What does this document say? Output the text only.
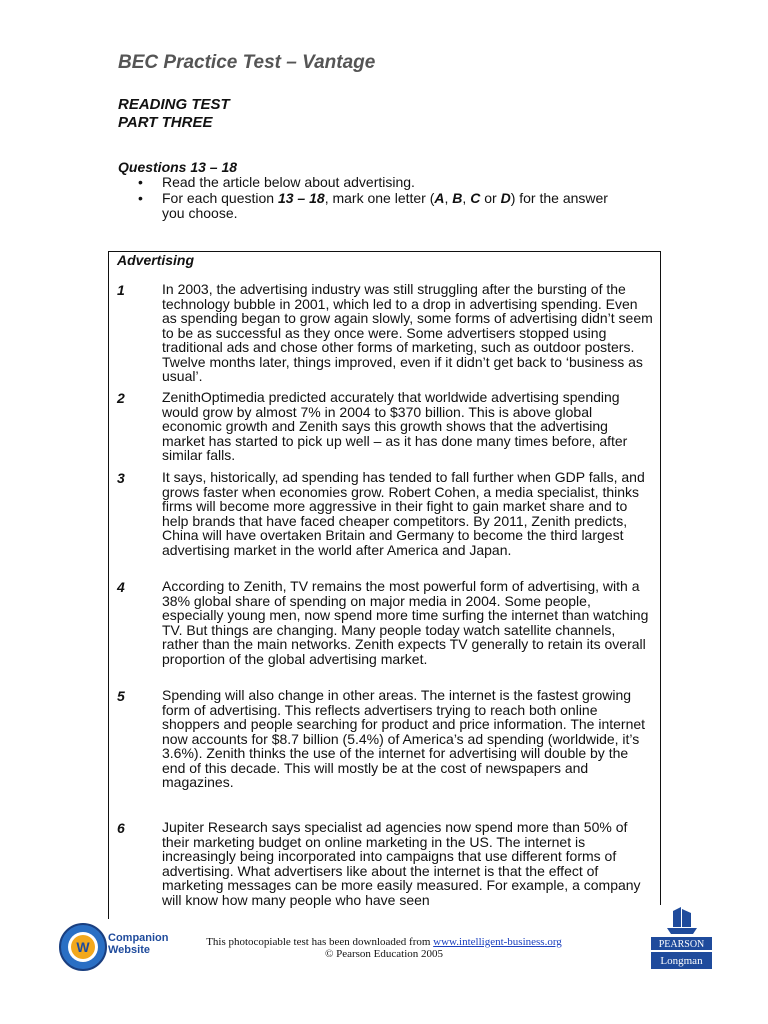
BEC Practice Test – Vantage
READING TEST
PART THREE
Questions 13 – 18
• Read the article below about advertising.
• For each question 13 – 18, mark one letter (A, B, C or D) for the answer you choose.
Advertising
1	In 2003, the advertising industry was still struggling after the bursting of the technology bubble in 2001, which led to a drop in advertising spending. Even as spending began to grow again slowly, some forms of advertising didn’t seem to be as successful as they once were. Some advertisers stopped using traditional ads and chose other forms of marketing, such as outdoor posters. Twelve months later, things improved, even if it didn’t get back to ‘business as usual’.

2	ZenithOptimedia predicted accurately that worldwide advertising spending would grow by almost 7% in 2004 to $370 billion. This is above global economic growth and Zenith says this growth shows that the advertising market has started to pick up well – as it has done many times before, after similar falls.

3	It says, historically, ad spending has tended to fall further when GDP falls, and grows faster when economies grow. Robert Cohen, a media specialist, thinks firms will become more aggressive in their fight to gain market share and to help brands that have faced cheaper competitors. By 2011, Zenith predicts, China will have overtaken Britain and Germany to become the third largest advertising market in the world after America and Japan.

4	According to Zenith, TV remains the most powerful form of advertising, with a 38% global share of spending on major media in 2004. Some people, especially young men, now spend more time surfing the internet than watching TV. But things are changing. Many people today watch satellite channels, rather than the main networks. Zenith expects TV generally to retain its overall proportion of the global advertising market.

5	Spending will also change in other areas. The internet is the fastest growing form of advertising. This reflects advertisers trying to reach both online shoppers and people searching for product and price information. The internet now accounts for $8.7 billion (5.4%) of America’s ad spending (worldwide, it’s 3.6%). Zenith thinks the use of the internet for advertising will double by the end of this decade. This will mostly be at the cost of newspapers and magazines.

6	Jupiter Research says specialist ad agencies now spend more than 50% of their marketing budget on online marketing in the US. The internet is increasingly being incorporated into campaigns that use different forms of advertising. What advertisers like about the internet is that the effect of marketing messages can be more easily measured. For example, a company will know how many people who have seen

W
Companion
Website
This photocopiable test has been downloaded from www.intelligent-business.org
© Pearson Education 2005
PEARSON
Longman
